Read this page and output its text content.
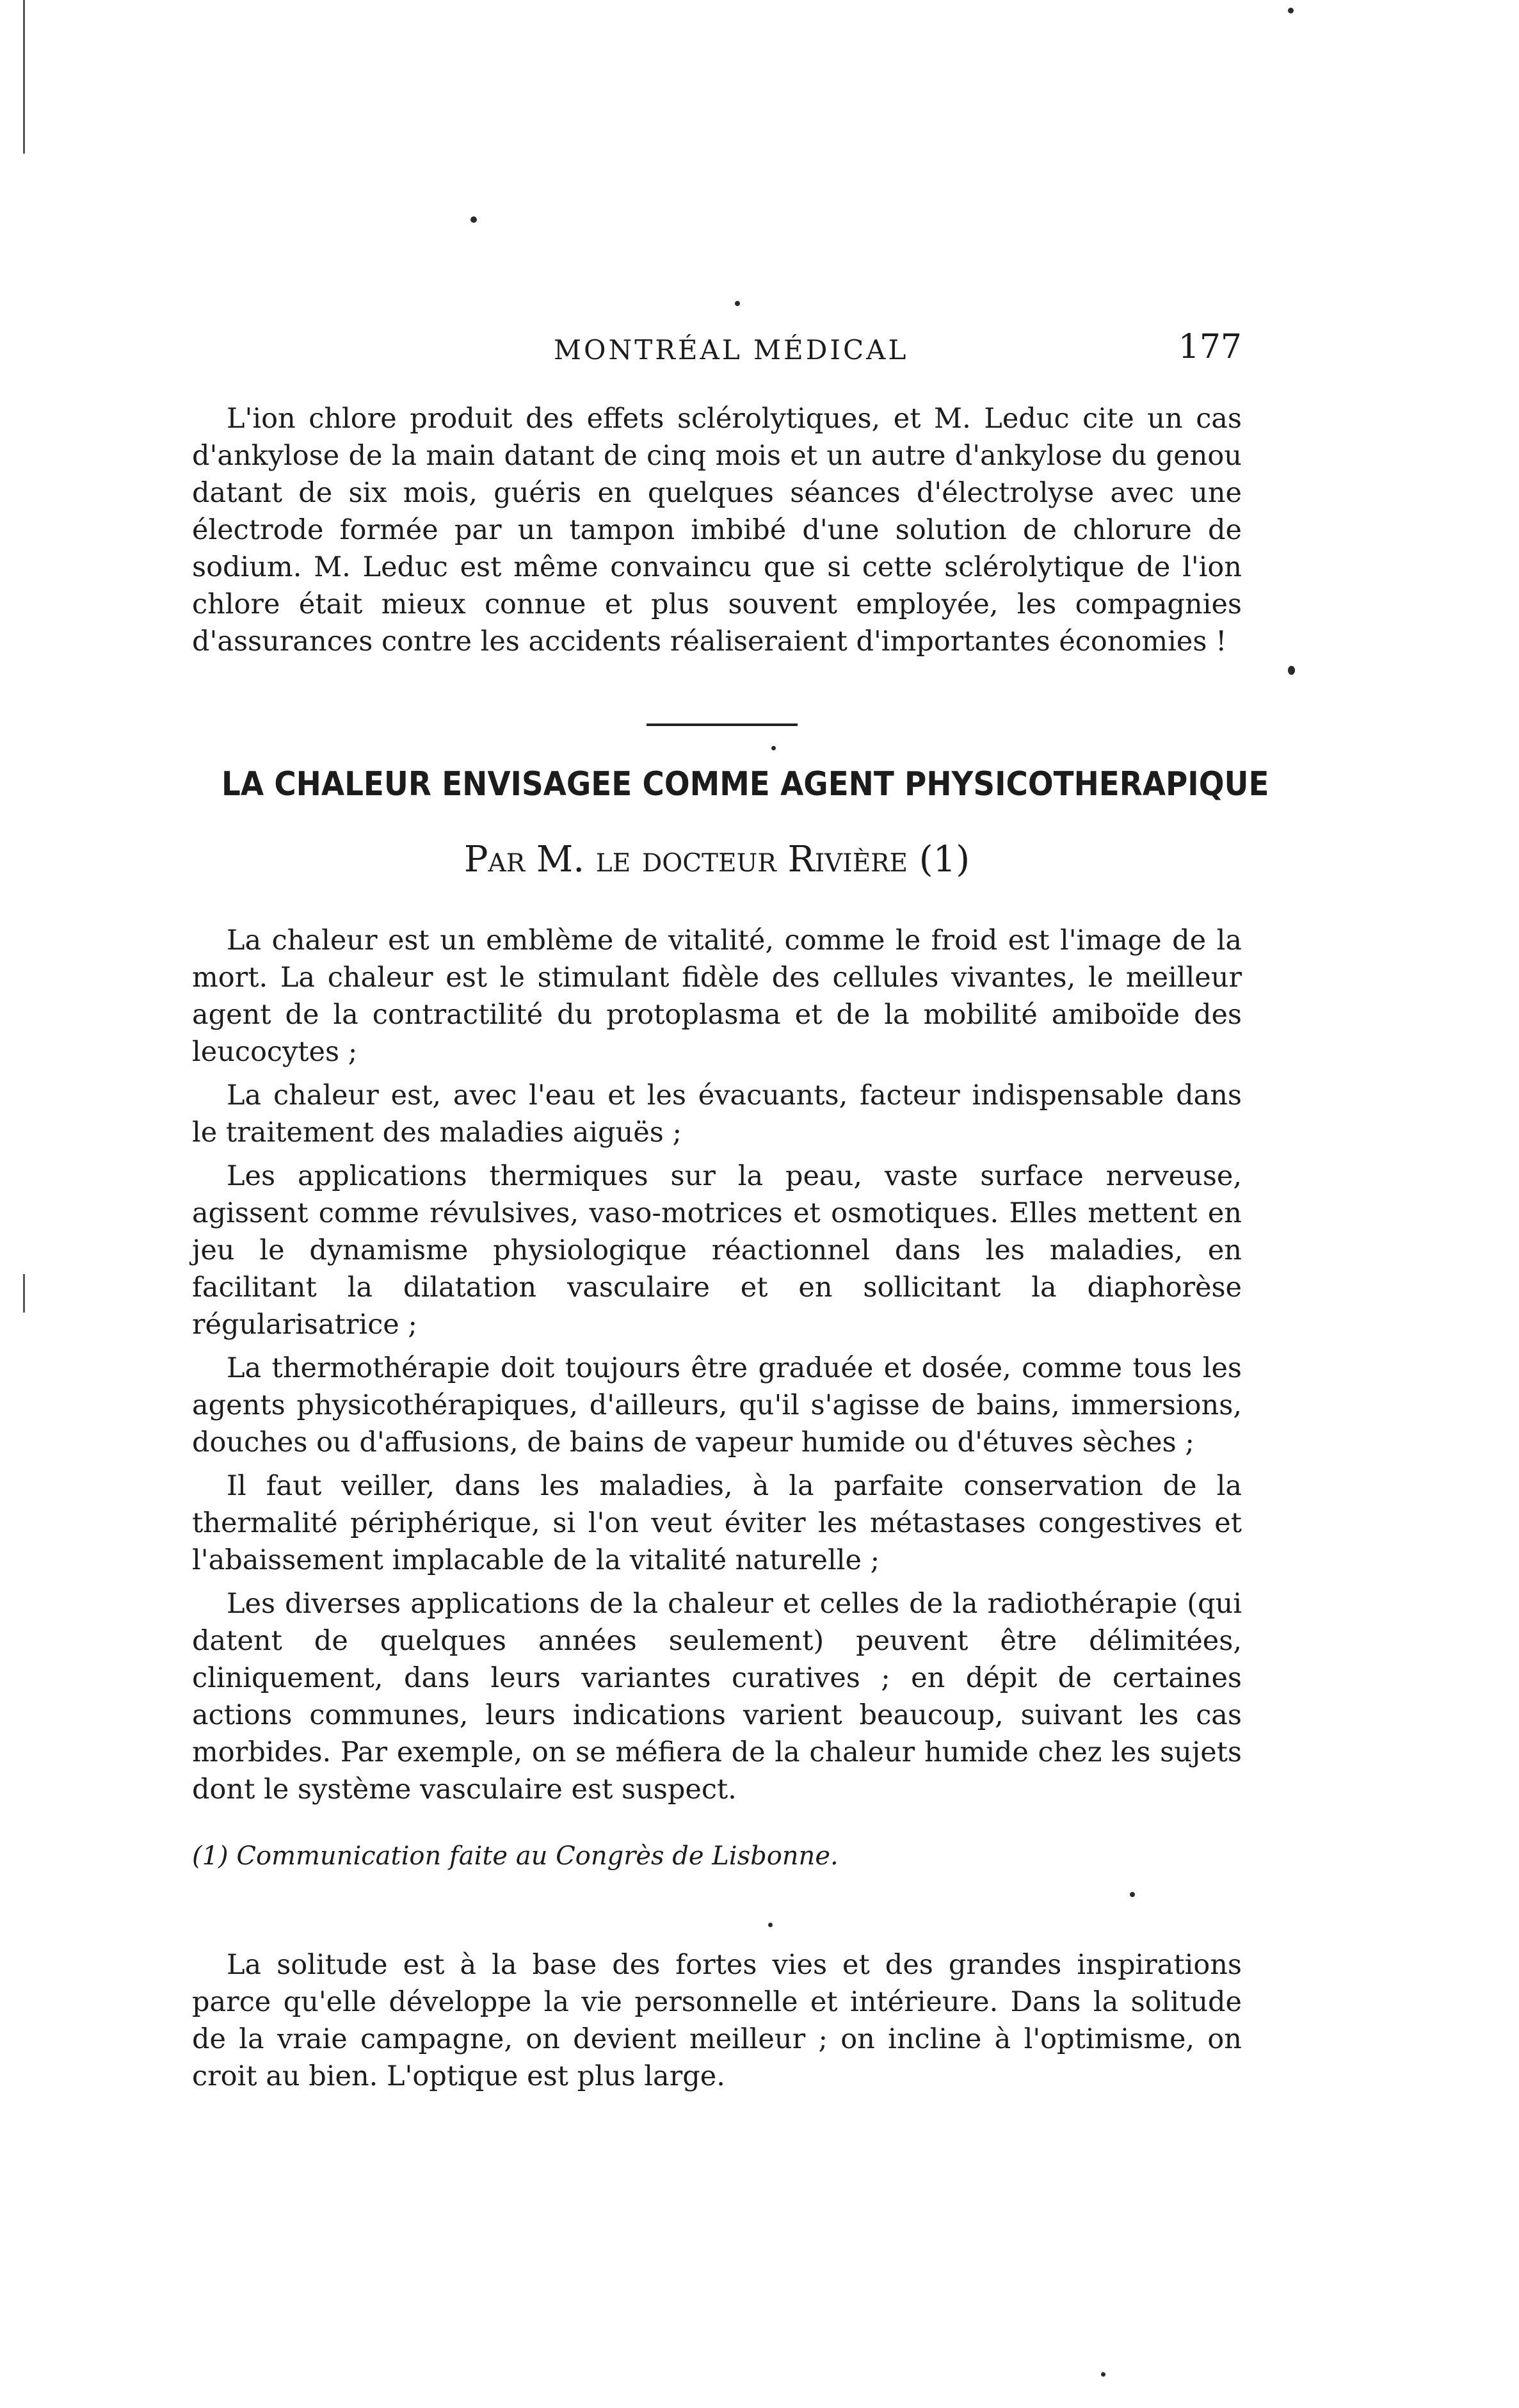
MONTRÉAL MÉDICAL	177

L'ion chlore produit des effets sclérolytiques, et M. Leduc cite un cas d'ankylose de la main datant de cinq mois et un autre d'ankylose du genou datant de six mois, guéris en quelques séances d'électrolyse avec une électrode formée par un tampon imbibé d'une solution de chlorure de sodium. M. Leduc est même convaincu que si cette sclérolytique de l'ion chlore était mieux connue et plus souvent employée, les compagnies d'assurances contre les accidents réaliseraient d'importantes économies !

LA CHALEUR ENVISAGEE COMME AGENT PHYSICOTHERAPIQUE
Par M. le docteur Rivière (1)

La chaleur est un emblème de vitalité, comme le froid est l'image de la mort. La chaleur est le stimulant fidèle des cellules vivantes, le meilleur agent de la contractilité du protoplasma et de la mobilité amiboïde des leucocytes ;

La chaleur est, avec l'eau et les évacuants, facteur indispensable dans le traitement des maladies aiguës ;

Les applications thermiques sur la peau, vaste surface nerveuse, agissent comme révulsives, vaso-motrices et osmotiques. Elles mettent en jeu le dynamisme physiologique réactionnel dans les maladies, en facilitant la dilatation vasculaire et en sollicitant la diaphorèse régularisatrice ;

La thermothérapie doit toujours être graduée et dosée, comme tous les agents physicothérapiques, d'ailleurs, qu'il s'agisse de bains, immersions, douches ou d'affusions, de bains de vapeur humide ou d'étuves sèches ;

Il faut veiller, dans les maladies, à la parfaite conservation de la thermalité périphérique, si l'on veut éviter les métastases congestives et l'abaissement implacable de la vitalité naturelle ;

Les diverses applications de la chaleur et celles de la radiothérapie (qui datent de quelques années seulement) peuvent être délimitées, cliniquement, dans leurs variantes curatives ; en dépit de certaines actions communes, leurs indications varient beaucoup, suivant les cas morbides. Par exemple, on se méfiera de la chaleur humide chez les sujets dont le système vasculaire est suspect.

(1) Communication faite au Congrès de Lisbonne.

La solitude est à la base des fortes vies et des grandes inspirations parce qu'elle développe la vie personnelle et intérieure. Dans la solitude de la vraie campagne, on devient meilleur ; on incline à l'optimisme, on croit au bien. L'optique est plus large.
